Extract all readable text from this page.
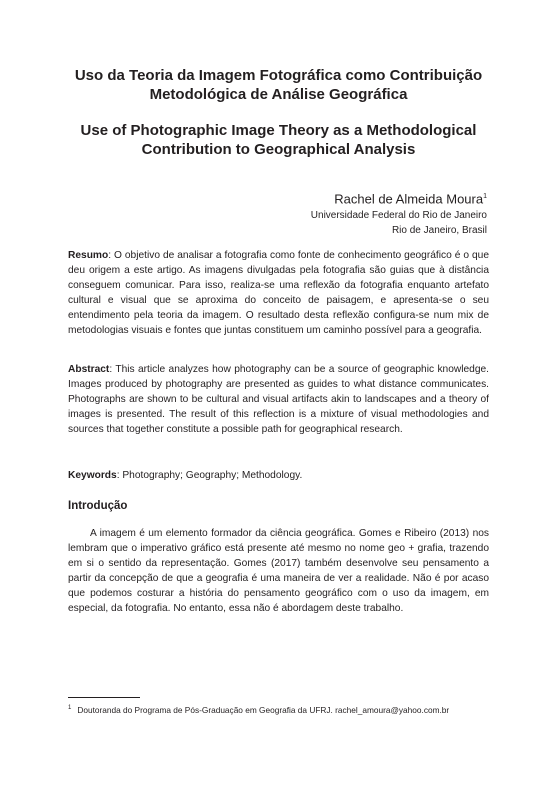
Uso da Teoria da Imagem Fotográfica como Contribuição
Metodológica de Análise Geográfica
Use of Photographic Image Theory as a Methodological
Contribution to Geographical Analysis
Rachel de Almeida Moura$^1$
Universidade Federal do Rio de Janeiro
Rio de Janeiro, Brasil
Resumo: O objetivo de analisar a fotografia como fonte de conhecimento geográfico é o que deu origem a este artigo. As imagens divulgadas pela fotografia são guias que à distância conseguem comunicar. Para isso, realiza-se uma reflexão da fotografia enquanto artefato cultural e visual que se aproxima do conceito de paisagem, e apresenta-se o seu entendimento pela teoria da imagem. O resultado desta reflexão configura-se num mix de metodologias visuais e fontes que juntas constituem um caminho possível para a geografia.
Abstract: This article analyzes how photography can be a source of geographic knowledge. Images produced by photography are presented as guides to what distance communicates. Photographs are shown to be cultural and visual artifacts akin to landscapes and a theory of images is presented. The result of this reflection is a mixture of visual methodologies and sources that together constitute a possible path for geographical research.
Keywords: Photography; Geography; Methodology.
Introdução
A imagem é um elemento formador da ciência geográfica. Gomes e Ribeiro (2013) nos lembram que o imperativo gráfico está presente até mesmo no nome geo + grafia, trazendo em si o sentido da representação. Gomes (2017) também desenvolve seu pensamento a partir da concepção de que a geografia é uma maneira de ver a realidade. Não é por acaso que podemos costurar a história do pensamento geográfico com o uso da imagem, em especial, da fotografia. No entanto, essa não é abordagem deste trabalho.
$^1$ Doutoranda do Programa de Pós-Graduação em Geografia da UFRJ. rachel_amoura@yahoo.com.br
